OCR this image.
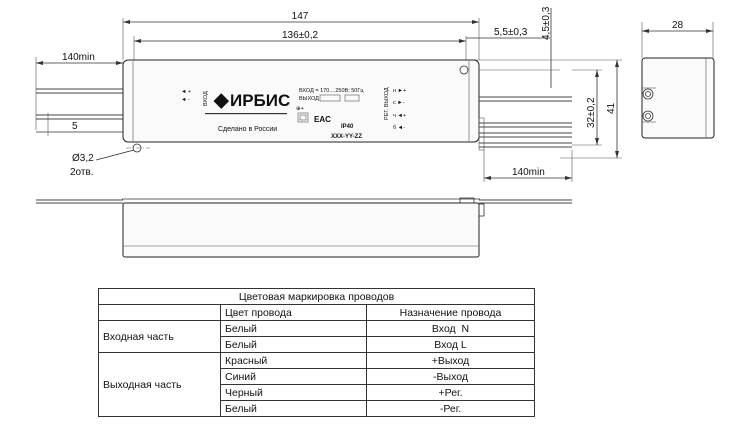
147
136±0,2	5,5±0,3 4,5±0,3
140min
5
Ø3,2
2отв.
◄ +
◄ - ВХОД ◆ ИРБИС ВХОД = 170....250В; 50Гц
ВЫХОД
Сделано в России
EAC
⊕+
IP40
XXX-YY-ZZ
РЕГ. ВЫХОД н ►+
с ►-
ч ◄+
б ◄-	32±0,2 41
140min
28
Цветовая маркировка проводов		
	Цвет провода	Назначение провода
Входная часть	Белый	Вход  N
	Белый	Вход L
Выходная часть	Красный	+Выход
	Синий	-Выход
	Черный	+Рег.
	Белый	-Рег.
